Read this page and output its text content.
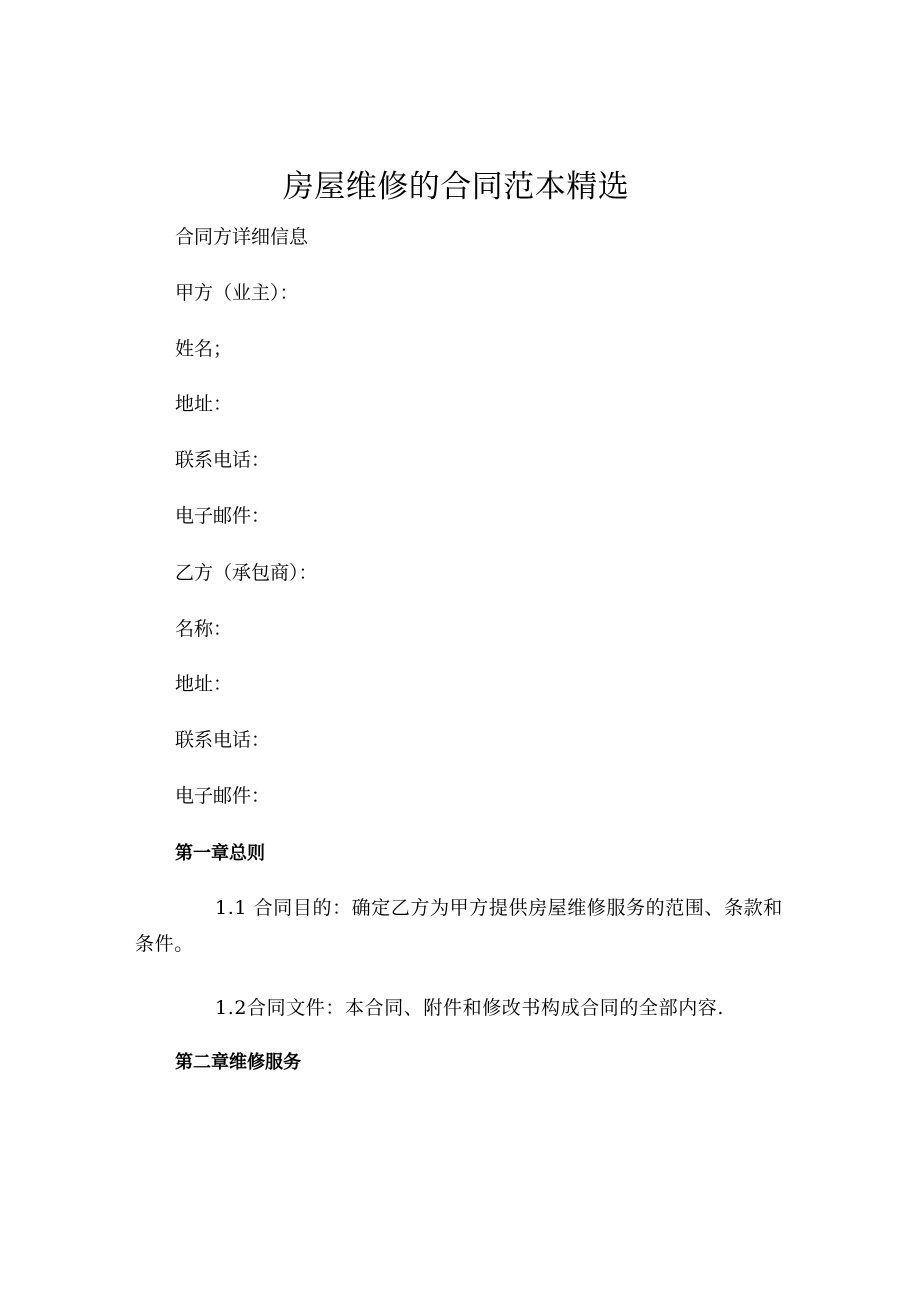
房屋维修的合同范本精选
合同方详细信息
甲方（业主）：
姓名；
地址：
联系电话：
电子邮件：
乙方（承包商）：
名称：
地址：
联系电话：
电子邮件：
第一章总则
1.1 合同目的：确定乙方为甲方提供房屋维修服务的范围、条款和条件。
1.2合同文件：本合同、附件和修改书构成合同的全部内容.
第二章维修服务
